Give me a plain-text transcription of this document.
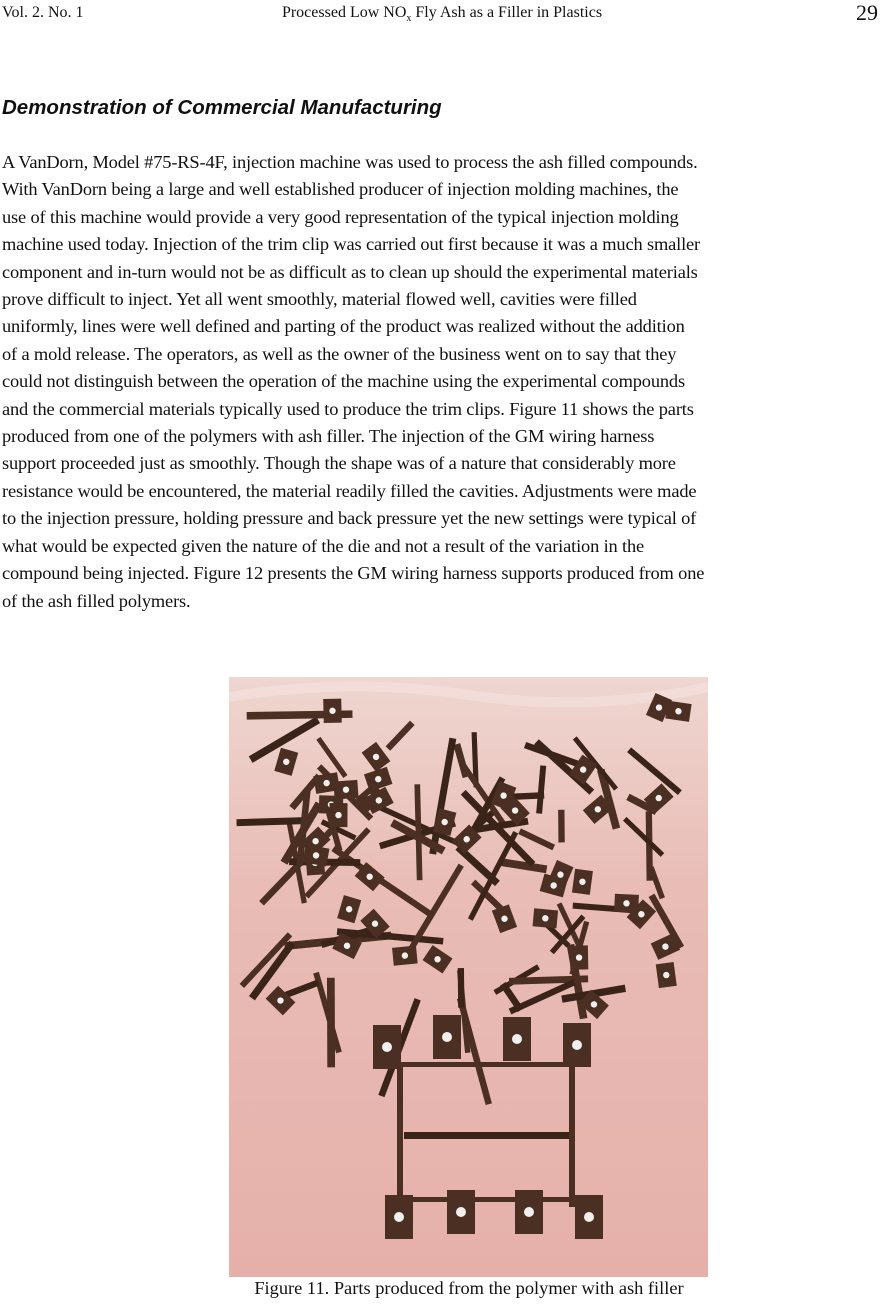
Vol. 2. No. 1	Processed Low $NO_x$ Fly Ash as a Filler in Plastics	29
Demonstration of Commercial Manufacturing

A VanDorn, Model #75-RS-4F, injection machine was used to process the ash filled compounds.
With VanDorn being a large and well established producer of injection molding machines, the
use of this machine would provide a very good representation of the typical injection molding
machine used today. Injection of the trim clip was carried out first because it was a much smaller
component and in-turn would not be as difficult as to clean up should the experimental materials
prove difficult to inject. Yet all went smoothly, material flowed well, cavities were filled
uniformly, lines were well defined and parting of the product was realized without the addition
of a mold release. The operators, as well as the owner of the business went on to say that they
could not distinguish between the operation of the machine using the experimental compounds
and the commercial materials typically used to produce the trim clips. Figure 11 shows the parts
produced from one of the polymers with ash filler. The injection of the GM wiring harness
support proceeded just as smoothly. Though the shape was of a nature that considerably more
resistance would be encountered, the material readily filled the cavities. Adjustments were made
to the injection pressure, holding pressure and back pressure yet the new settings were typical of
what would be expected given the nature of the die and not a result of the variation in the
compound being injected. Figure 12 presents the GM wiring harness supports produced from one
of the ash filled polymers.

Figure 11. Parts produced from the polymer with ash filler
